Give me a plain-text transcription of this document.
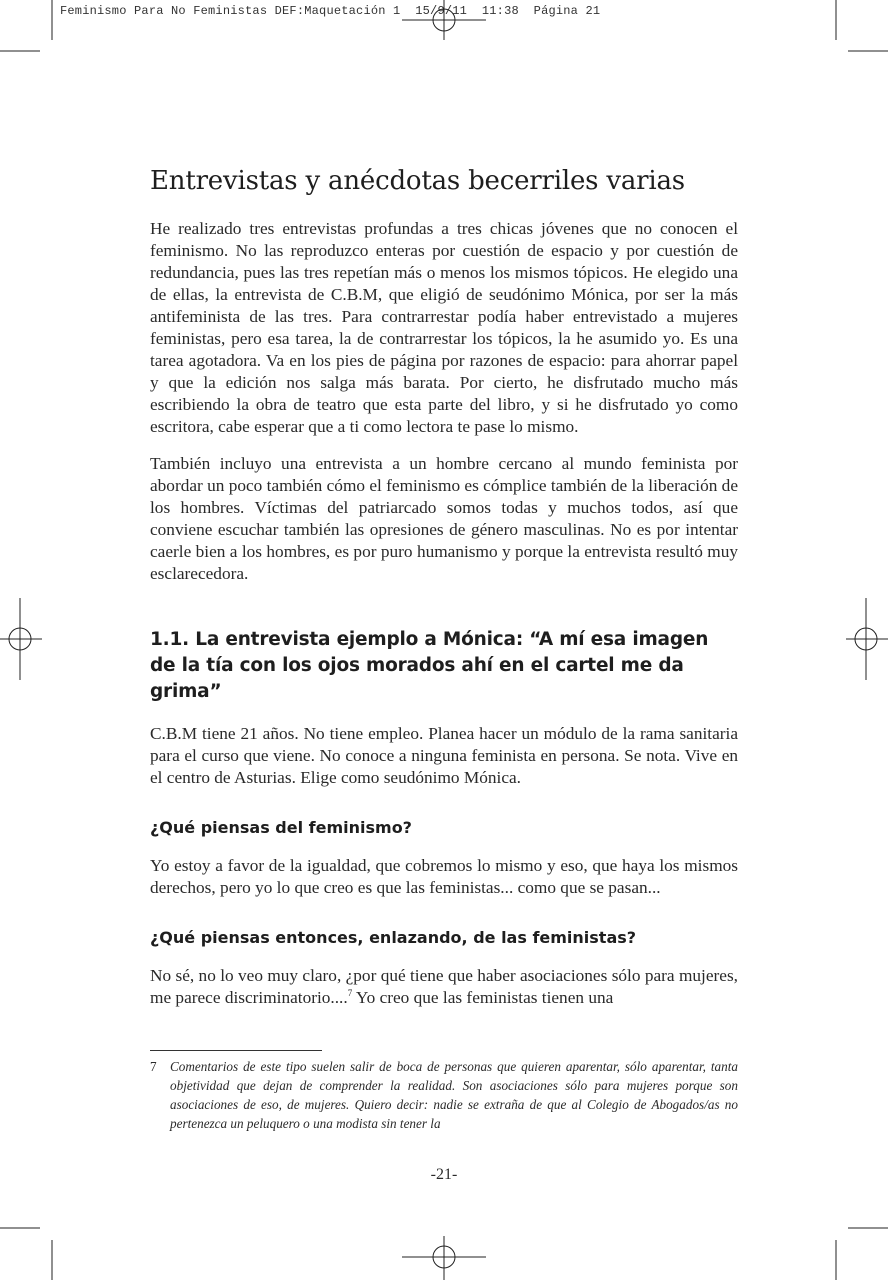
Feminismo Para No Feministas DEF:Maquetación 1  15/9/11  11:38  Página 21
Entrevistas y anécdotas becerriles varias

He realizado tres entrevistas profundas a tres chicas jóvenes que no conocen el feminismo. No las reproduzco enteras por cuestión de espacio y por cuestión de redundancia, pues las tres repetían más o menos los mismos tópicos. He elegido una de ellas, la entrevista de C.B.M, que eligió de seudónimo Mónica, por ser la más antifeminista de las tres. Para contrarrestar podía haber entrevistado a mujeres feministas, pero esa tarea, la de contrarrestar los tópicos, la he asumido yo. Es una tarea agotadora. Va en los pies de página por razones de espacio: para ahorrar papel y que la edición nos salga más barata. Por cierto, he disfrutado mucho más escribiendo la obra de teatro que esta parte del libro, y si he disfrutado yo como escritora, cabe esperar que a ti como lectora te pase lo mismo.

También incluyo una entrevista a un hombre cercano al mundo feminista por abordar un poco también cómo el feminismo es cómplice también de la liberación de los hombres. Víctimas del patriarcado somos todas y muchos todos, así que conviene escuchar también las opresiones de género masculinas. No es por intentar caerle bien a los hombres, es por puro humanismo y porque la entrevista resultó muy esclarecedora.

1.1. La entrevista ejemplo a Mónica: “A mí esa imagen de la tía con los ojos morados ahí en el cartel me da grima”

C.B.M tiene 21 años. No tiene empleo. Planea hacer un módulo de la rama sanitaria para el curso que viene. No conoce a ninguna feminista en persona. Se nota. Vive en el centro de Asturias. Elige como seudónimo Mónica.

¿Qué piensas del feminismo?

Yo estoy a favor de la igualdad, que cobremos lo mismo y eso, que haya los mismos derechos, pero yo lo que creo es que las feministas... como que se pasan...

¿Qué piensas entonces, enlazando, de las feministas?

No sé, no lo veo muy claro, ¿por qué tiene que haber asociaciones sólo para mujeres, me parece discriminatorio....$^7$ Yo creo que las feministas tienen una

7 Comentarios de este tipo suelen salir de boca de personas que quieren aparentar, sólo aparentar, tanta objetividad que dejan de comprender la realidad. Son asociaciones sólo para mujeres porque son asociaciones de eso, de mujeres. Quiero decir: nadie se extraña de que al Colegio de Abogados/as no pertenezca un peluquero o una modista sin tener la
-21-
